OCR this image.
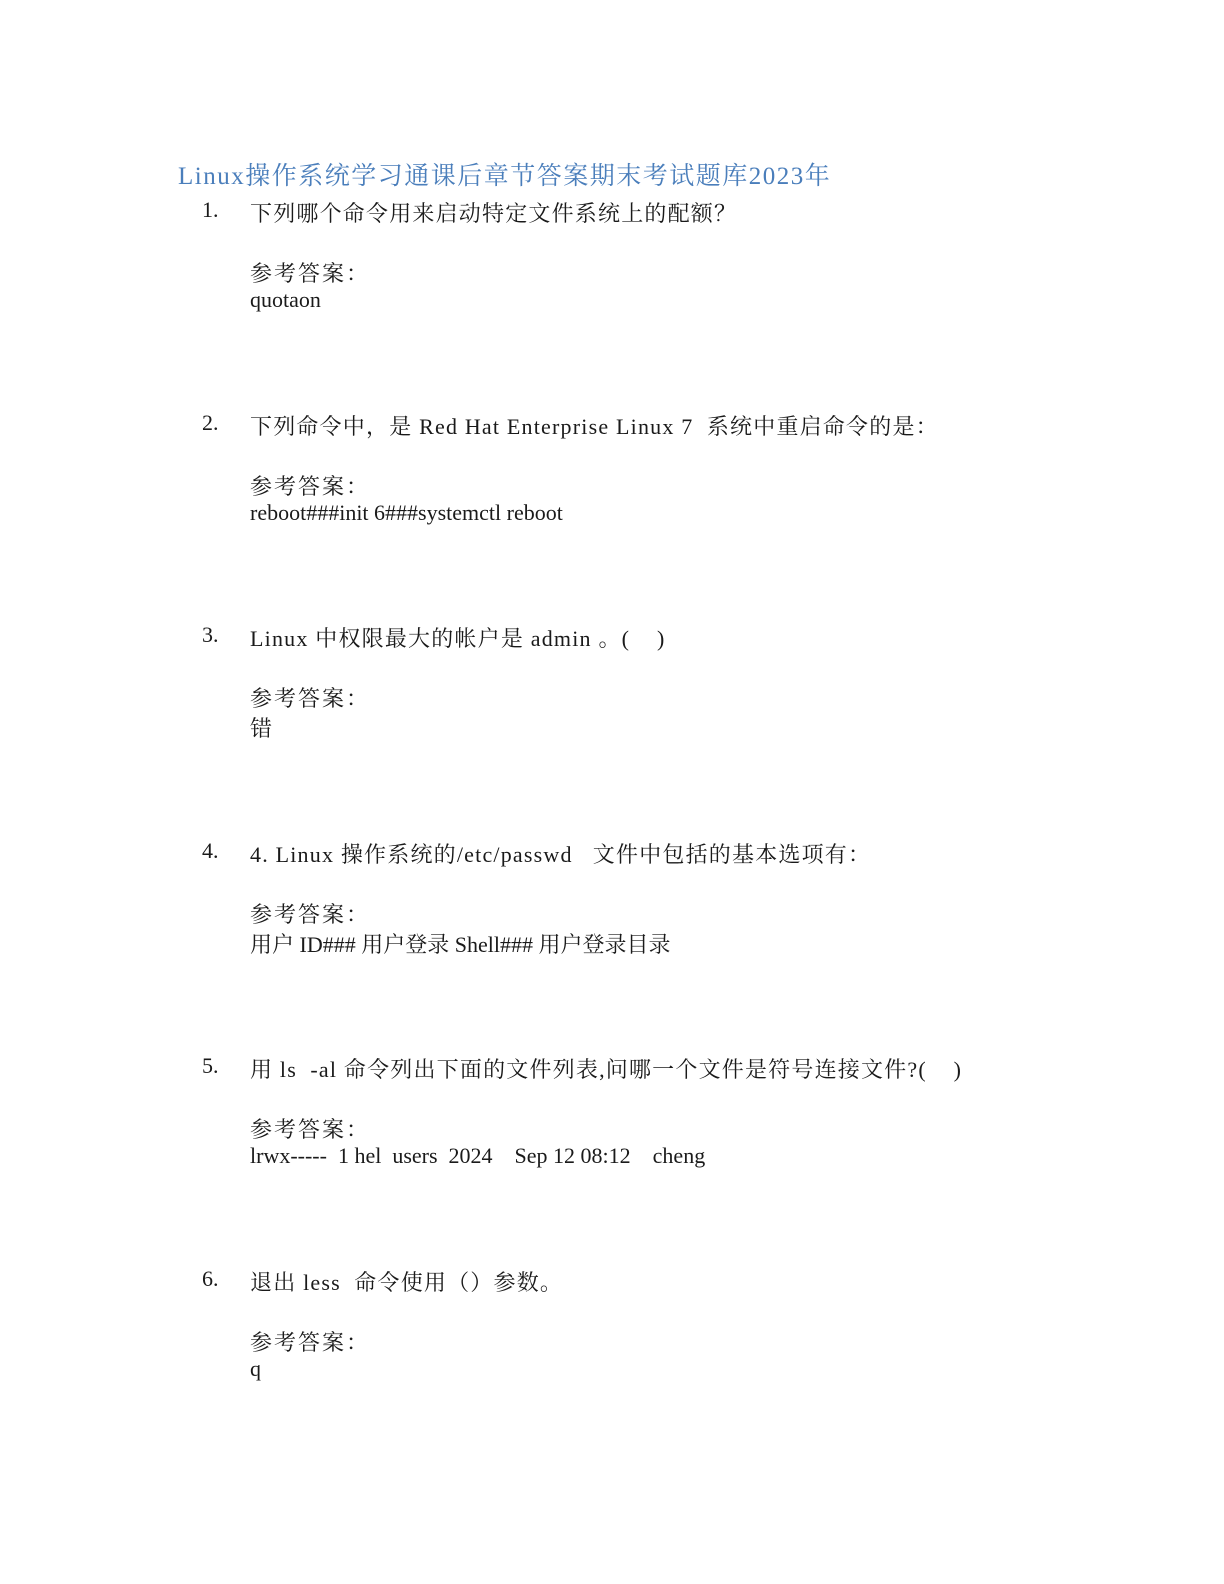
Linux操作系统学习通课后章节答案期末考试题库2023年
1. 下列哪个命令用来启动特定文件系统上的配额？
参考答案：
quotaon
2. 下列命令中，是 Red Hat Enterprise Linux 7  系统中重启命令的是：
参考答案：
reboot###init 6###systemctl reboot
3. Linux 中权限最大的帐户是 admin 。(    )
参考答案：
错
4. 4. Linux 操作系统的/etc/passwd   文件中包括的基本选项有：
参考答案：
用户 ID### 用户登录 Shell### 用户登录目录
5. 用 ls  -al 命令列出下面的文件列表,问哪一个文件是符号连接文件?(    )
参考答案：
lrwx-----  1 hel  users  2024    Sep 12 08:12    cheng
6. 退出 less  命令使用（）参数。
参考答案：
q
